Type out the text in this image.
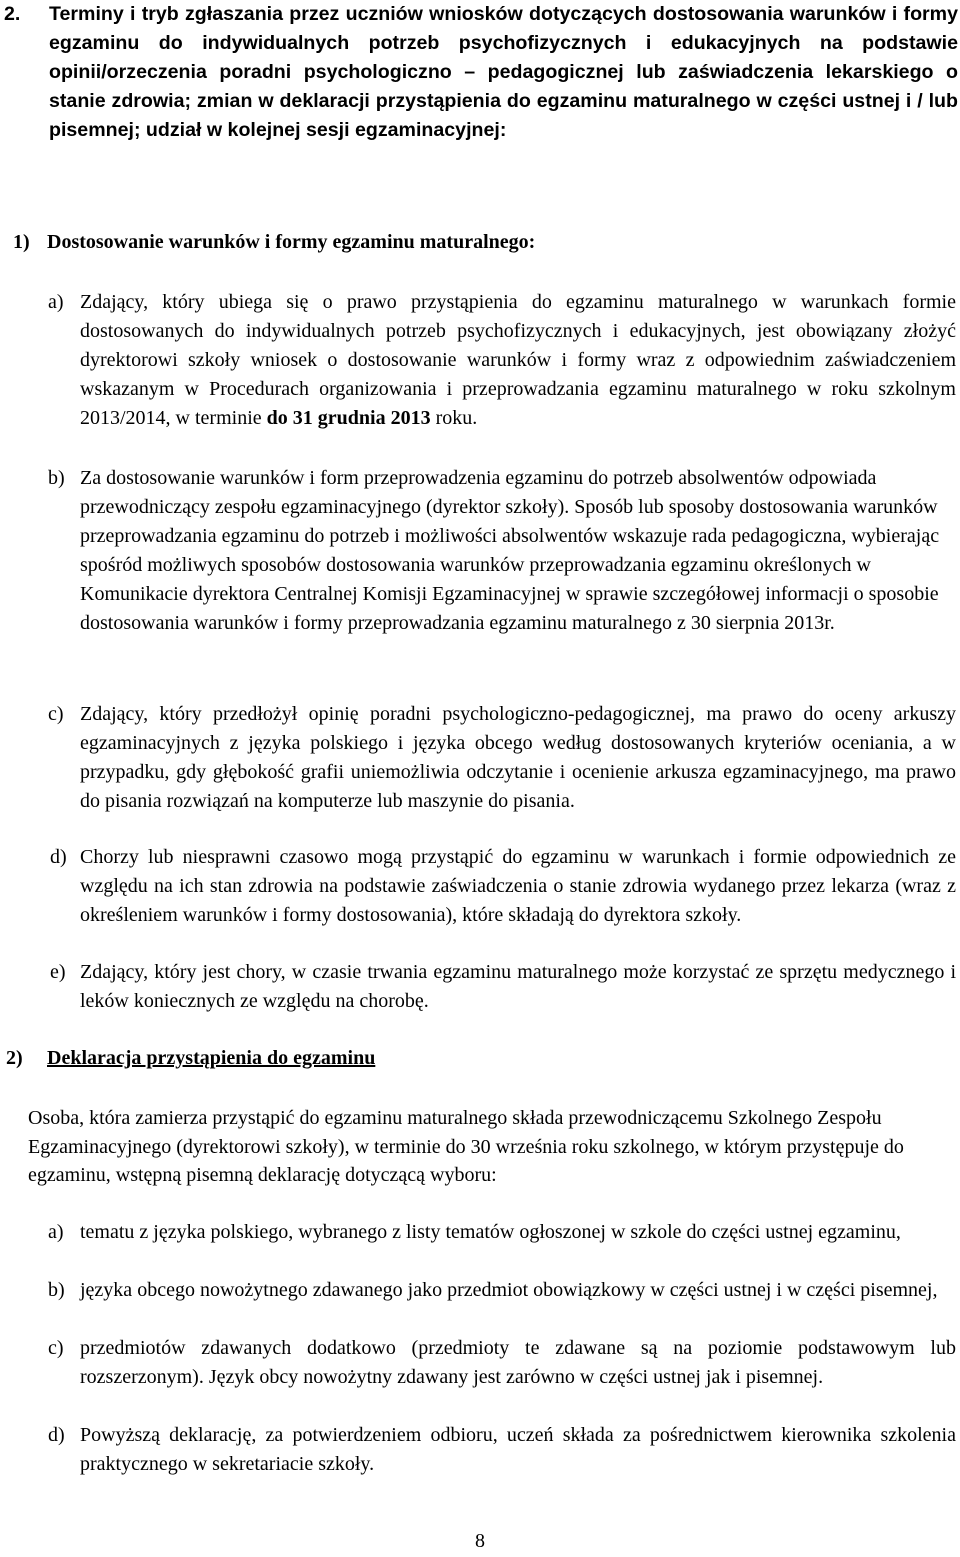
2. Terminy i tryb zgłaszania przez uczniów wniosków dotyczących dostosowania warunków i formy egzaminu do indywidualnych potrzeb psychofizycznych i edukacyjnych na podstawie opinii/orzeczenia poradni psychologiczno – pedagogicznej lub zaświadczenia lekarskiego o stanie zdrowia; zmian w deklaracji przystąpienia do egzaminu maturalnego w części ustnej i / lub pisemnej; udział w kolejnej sesji egzaminacyjnej:
1) Dostosowanie warunków i formy egzaminu maturalnego:
a) Zdający, który ubiega się o prawo przystąpienia do egzaminu maturalnego w warunkach formie dostosowanych do indywidualnych potrzeb psychofizycznych i edukacyjnych, jest obowiązany złożyć dyrektorowi szkoły wniosek o dostosowanie warunków i formy wraz z odpowiednim zaświadczeniem wskazanym w Procedurach organizowania i przeprowadzania egzaminu maturalnego w roku szkolnym 2013/2014, w terminie do 31 grudnia 2013 roku.
b) Za dostosowanie warunków i form przeprowadzenia egzaminu do potrzeb absolwentów odpowiada przewodniczący zespołu egzaminacyjnego (dyrektor szkoły). Sposób lub sposoby dostosowania warunków przeprowadzania egzaminu do potrzeb i możliwości absolwentów wskazuje rada pedagogiczna, wybierając spośród możliwych sposobów dostosowania warunków przeprowadzania egzaminu określonych w Komunikacie dyrektora Centralnej Komisji Egzaminacyjnej w sprawie szczegółowej informacji o sposobie dostosowania warunków i formy przeprowadzania egzaminu maturalnego z 30 sierpnia 2013r.
c) Zdający, który przedłożył opinię poradni psychologiczno-pedagogicznej, ma prawo do oceny arkuszy egzaminacyjnych z języka polskiego i języka obcego według dostosowanych kryteriów oceniania, a w przypadku, gdy głębokość grafii uniemożliwia odczytanie i ocenienie arkusza egzaminacyjnego, ma prawo do pisania rozwiązań na komputerze lub maszynie do pisania.
d) Chorzy lub niesprawni czasowo mogą przystąpić do egzaminu w warunkach i formie odpowiednich ze względu na ich stan zdrowia na podstawie zaświadczenia o stanie zdrowia wydanego przez lekarza (wraz z określeniem warunków i formy dostosowania), które składają do dyrektora szkoły.
e) Zdający, który jest chory, w czasie trwania egzaminu maturalnego może korzystać ze sprzętu medycznego i leków koniecznych ze względu na chorobę.
2) Deklaracja przystąpienia do egzaminu
Osoba, która zamierza przystąpić do egzaminu maturalnego składa przewodniczącemu Szkolnego Zespołu Egzaminacyjnego (dyrektorowi szkoły), w terminie do 30 września roku szkolnego, w którym przystępuje do egzaminu, wstępną pisemną deklarację dotyczącą wyboru:
a) tematu z języka polskiego, wybranego z listy tematów ogłoszonej w szkole do części ustnej egzaminu,
b) języka obcego nowożytnego zdawanego jako przedmiot obowiązkowy w części ustnej i w części pisemnej,
c) przedmiotów zdawanych dodatkowo (przedmioty te zdawane są na poziomie podstawowym lub rozszerzonym). Język obcy nowożytny zdawany jest zarówno w części ustnej jak i pisemnej.
d) Powyższą deklarację, za potwierdzeniem odbioru, uczeń składa za pośrednictwem kierownika szkolenia praktycznego w sekretariacie szkoły.
8
